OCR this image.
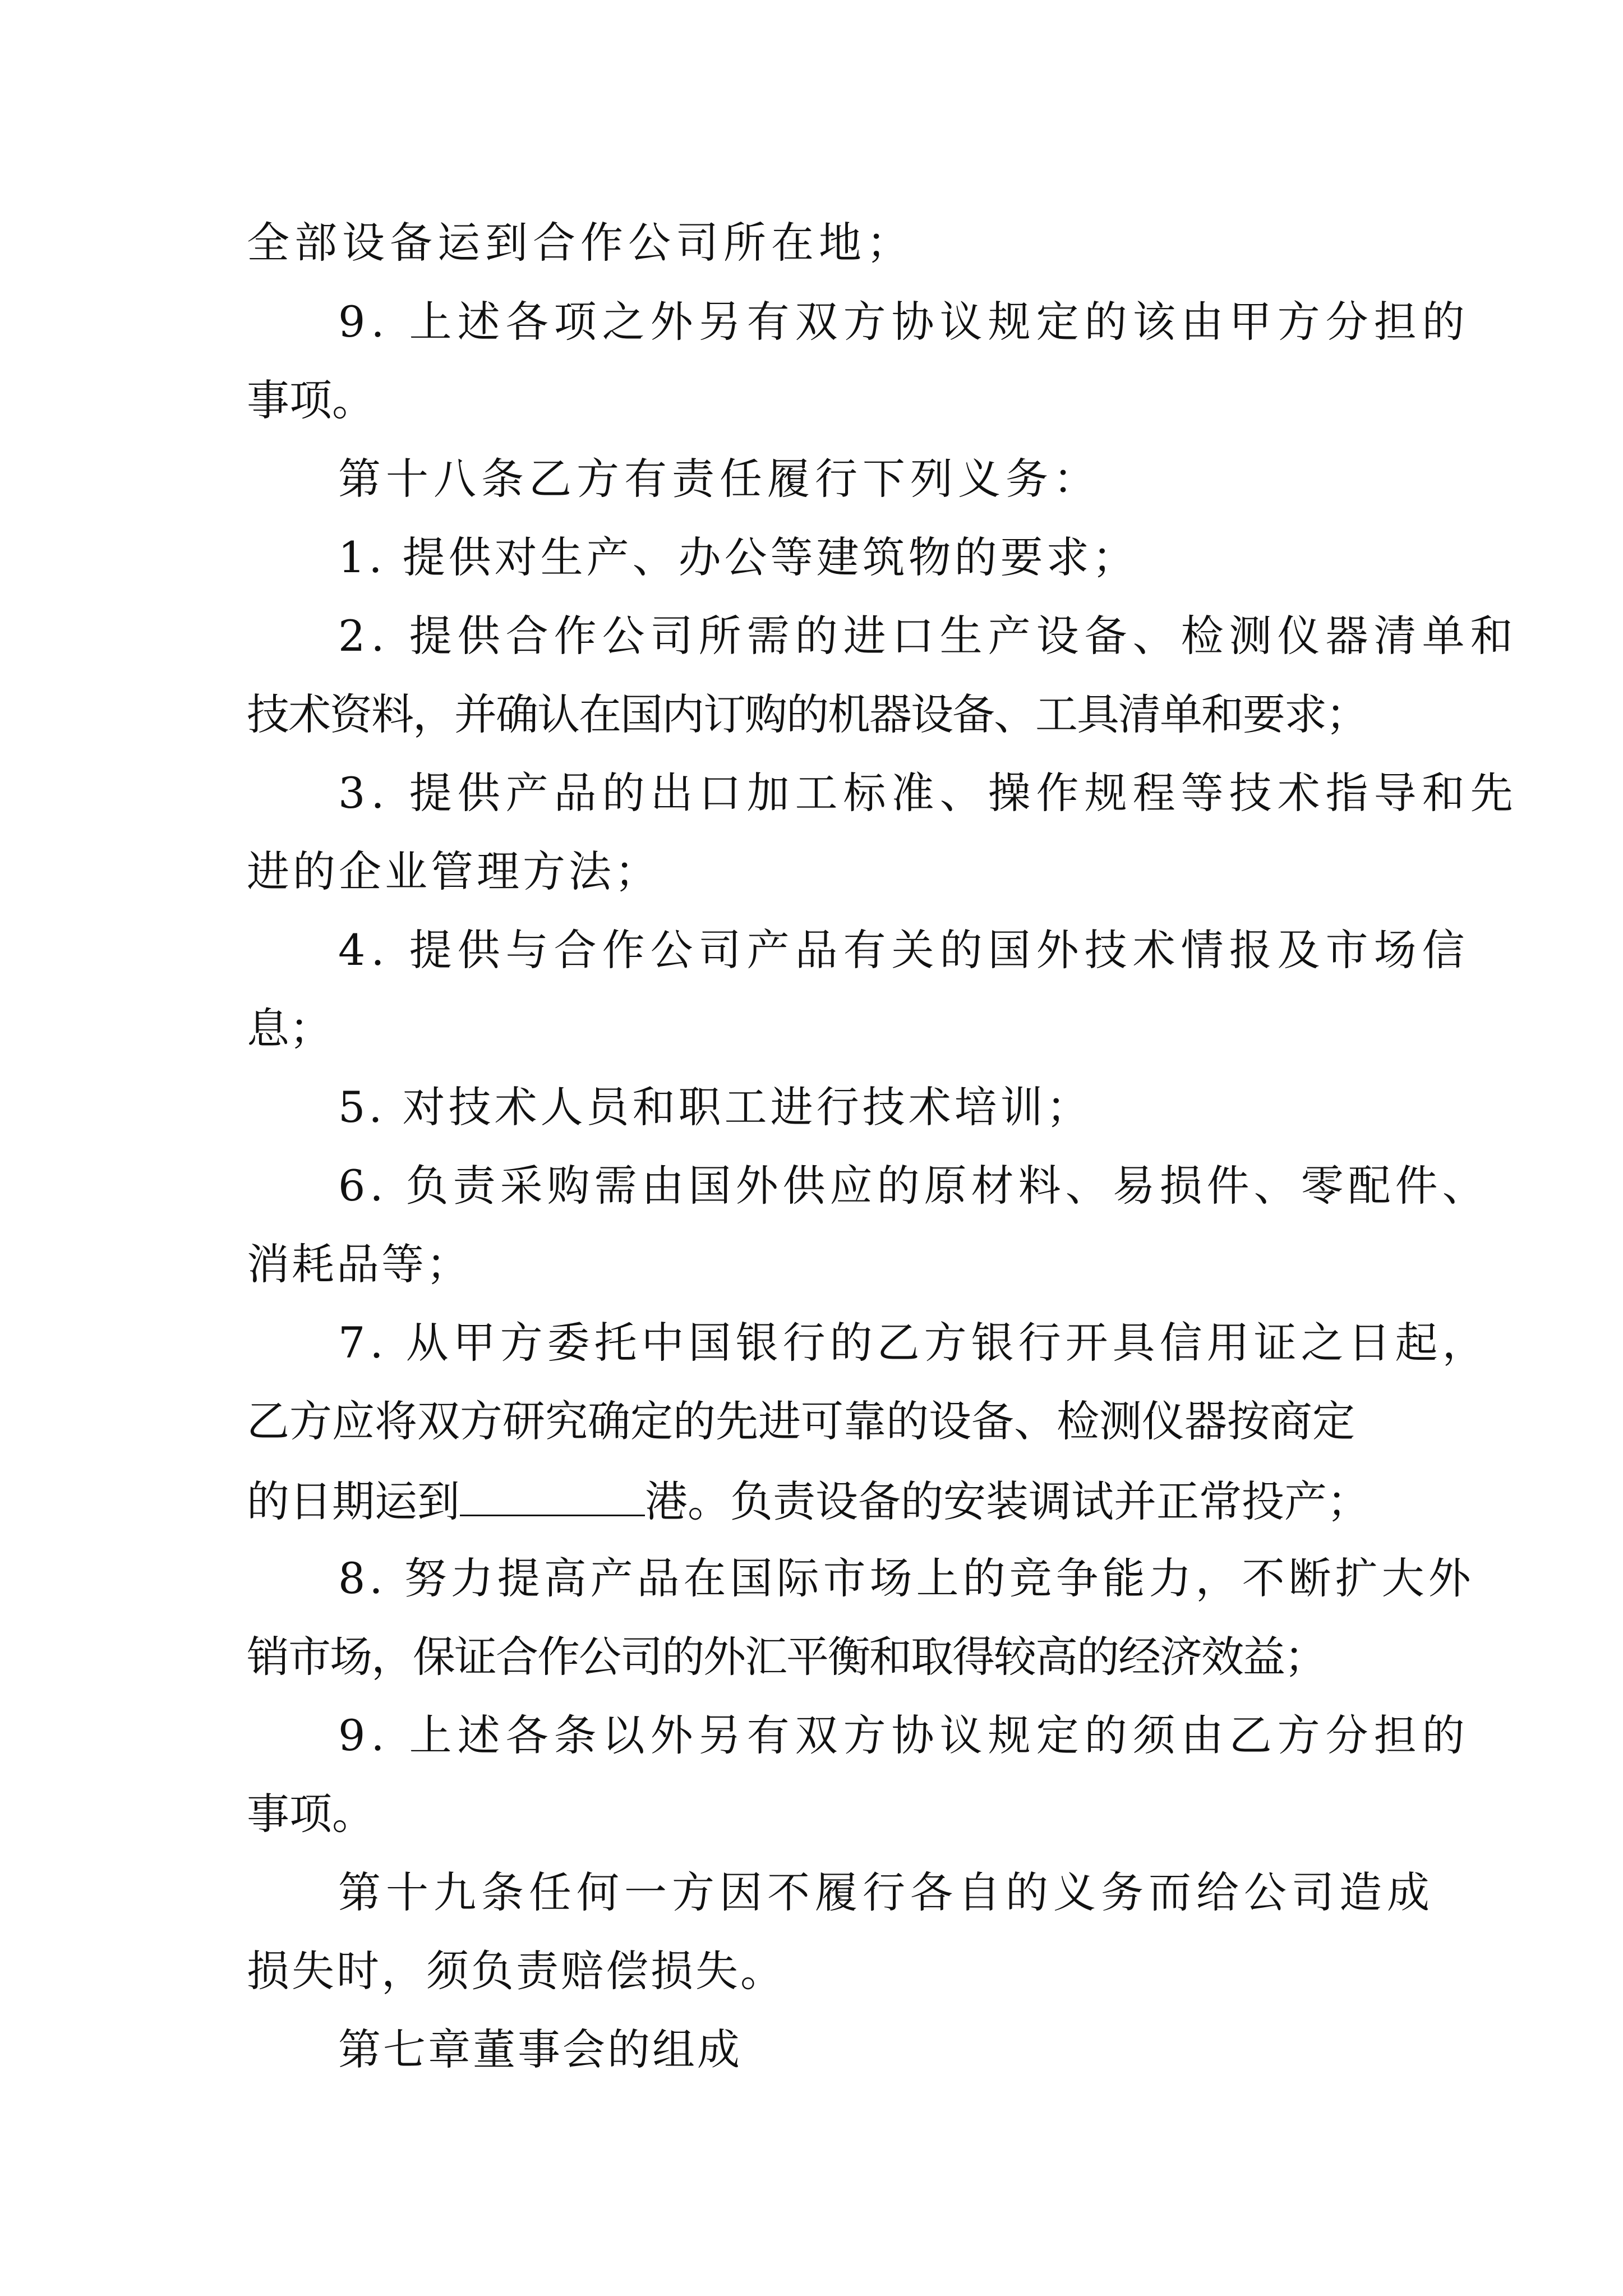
全部设备运到合作公司所在地；
9. 上述各项之外另有双方协议规定的该由甲方分担的
事项。
第十八条乙方有责任履行下列义务：
1. 提供对生产、办公等建筑物的要求；
2. 提供合作公司所需的进口生产设备、检测仪器清单和
技术资料，并确认在国内订购的机器设备、工具清单和要求；
3. 提供产品的出口加工标准、操作规程等技术指导和先
进的企业管理方法；
4. 提供与合作公司产品有关的国外技术情报及市场信
息；
5. 对技术人员和职工进行技术培训；
6. 负责采购需由国外供应的原材料、易损件、零配件、
消耗品等；
7. 从甲方委托中国银行的乙方银行开具信用证之日起，
乙方应将双方研究确定的先进可靠的设备、检测仪器按商定
的日期运到	港。负责设备的安装调试并正常投产；
8. 努力提高产品在国际市场上的竞争能力，不断扩大外
销市场，保证合作公司的外汇平衡和取得较高的经济效益；
9. 上述各条以外另有双方协议规定的须由乙方分担的
事项。
第十九条任何一方因不履行各自的义务而给公司造成
损失时，须负责赔偿损失。
第七章董事会的组成
